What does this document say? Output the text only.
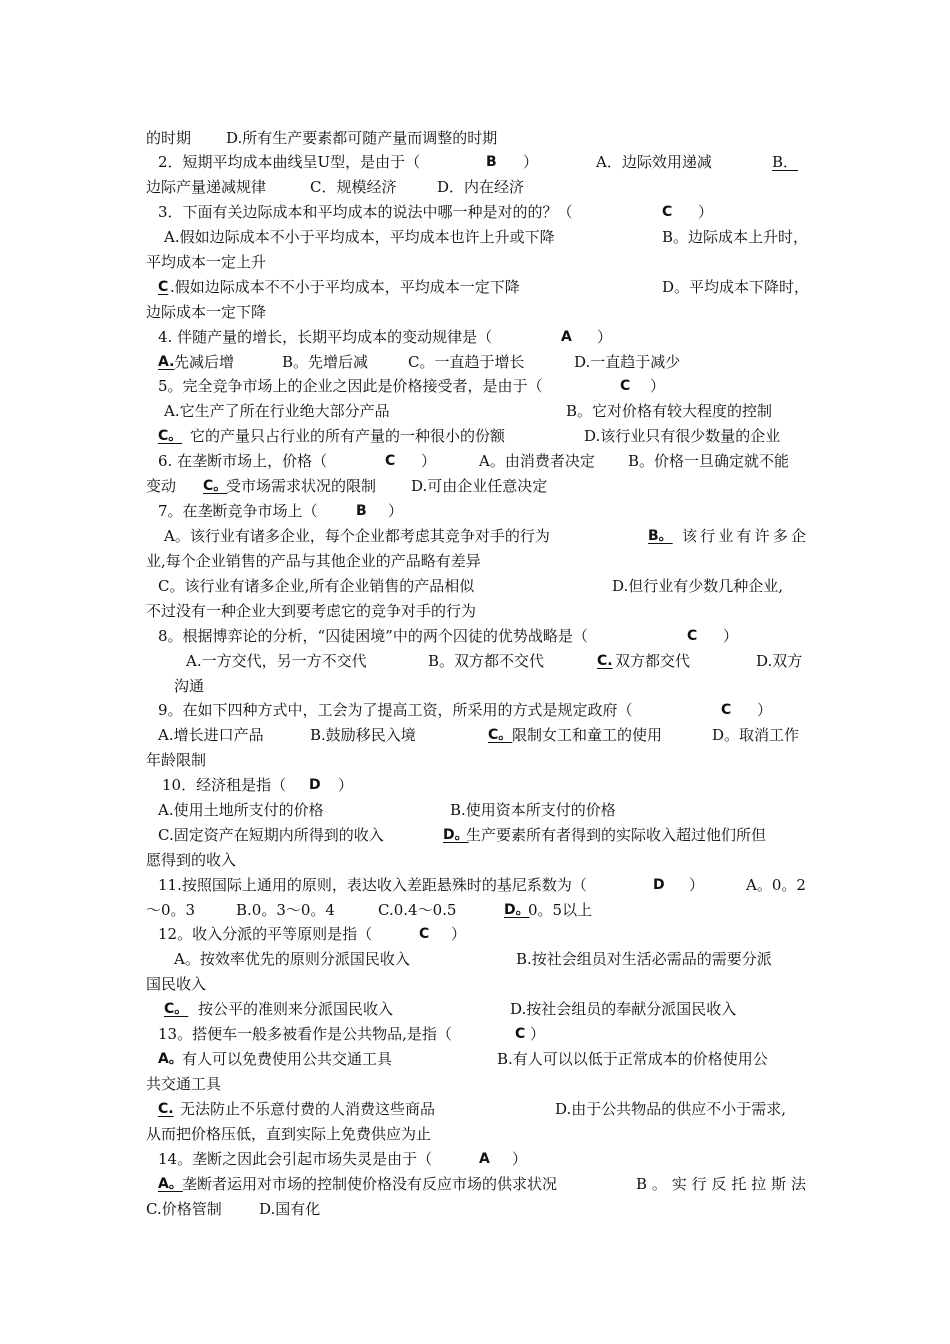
的时期 D.所有生产要素都可随产量而调整的时期
2．短期平均成本曲线呈U型，是由于（	B ）	A．边际效用递减	B．
边际产量递减规律	C．规模经济	D．内在经济
3．下面有关边际成本和平均成本的说法中哪一种是对的的？（	C ）
A.假如边际成本不小于平均成本，平均成本也许上升或下降	B。边际成本上升时，
平均成本一定上升
C .假如边际成本不不小于平均成本，平均成本一定下降	D。平均成本下降时，
边际成本一定下降
4. 伴随产量的增长，长期平均成本的变动规律是（	A ）
A. 先减后增	B。先增后减	C。一直趋于增长	D.一直趋于减少
5。完全竞争市场上的企业之因此是价格接受者，是由于（	C ）
A.它生产了所在行业绝大部分产品	B。它对价格有较大程度的控制
C。 它的产量只占行业的所有产量的一种很小的份额	D.该行业只有很少数量的企业
6. 在垄断市场上，价格（	C ）	A。由消费者决定 B。价格一旦确定就不能
变动 C。
受市场需求状况的限制 D.可由企业任意决定
7。在垄断竞争市场上（	B ）
A。该行业有诸多企业，每个企业都考虑其竞争对手的行为	B。 该行业有许多企
业,每个企业销售的产品与其他企业的产品略有差异
C。该行业有诸多企业,所有企业销售的产品相似	D.但行业有少数几种企业,
不过没有一种企业大到要考虑它的竞争对手的行为
8。根据博弈论的分析，“囚徒困境”中的两个囚徒的优势战略是（	C ）
A.一方交代，另一方不交代	B。双方都不交代	C. 双方都交代	D.双方
沟通
9。在如下四种方式中，工会为了提高工资，所采用的方式是规定政府（	C ）
A.增长进口产品	B.鼓励移民入境	C。 限制女工和童工的使用	D。取消工作
年龄限制
10．经济租是指（ D ）
A.使用土地所支付的价格	B.使用资本所支付的价格
C.固定资产在短期内所得到的收入	D。
生产要素所有者得到的实际收入超过他们所但
愿得到的收入
11.按照国际上通用的原则，表达收入差距悬殊时的基尼系数为（	D ）	A。0。2
～0。3	B.0。3～0。4	C.0.4～0.5	D。
0。5以上
12。收入分派的平等原则是指（	C ）
A。按效率优先的原则分派国民收入	B.按社会组员对生活必需品的需要分派
国民收入
C。 按公平的准则来分派国民收入	D.按社会组员的奉献分派国民收入
13。搭便车一般多被看作是公共物品,是指（	C ）
A。 有人可以免费使用公共交通工具	B.有人可以以低于正常成本的价格使用公
共交通工具
C. 无法防止不乐意付费的人消费这些商品	D.由于公共物品的供应不小于需求,
从而把价格压低，直到实际上免费供应为止
14。垄断之因此会引起市场失灵是由于（	A ）
A。 垄断者运用对市场的控制使价格没有反应市场的供求状况	B。实行反托拉斯法
C.价格管制 D.国有化
